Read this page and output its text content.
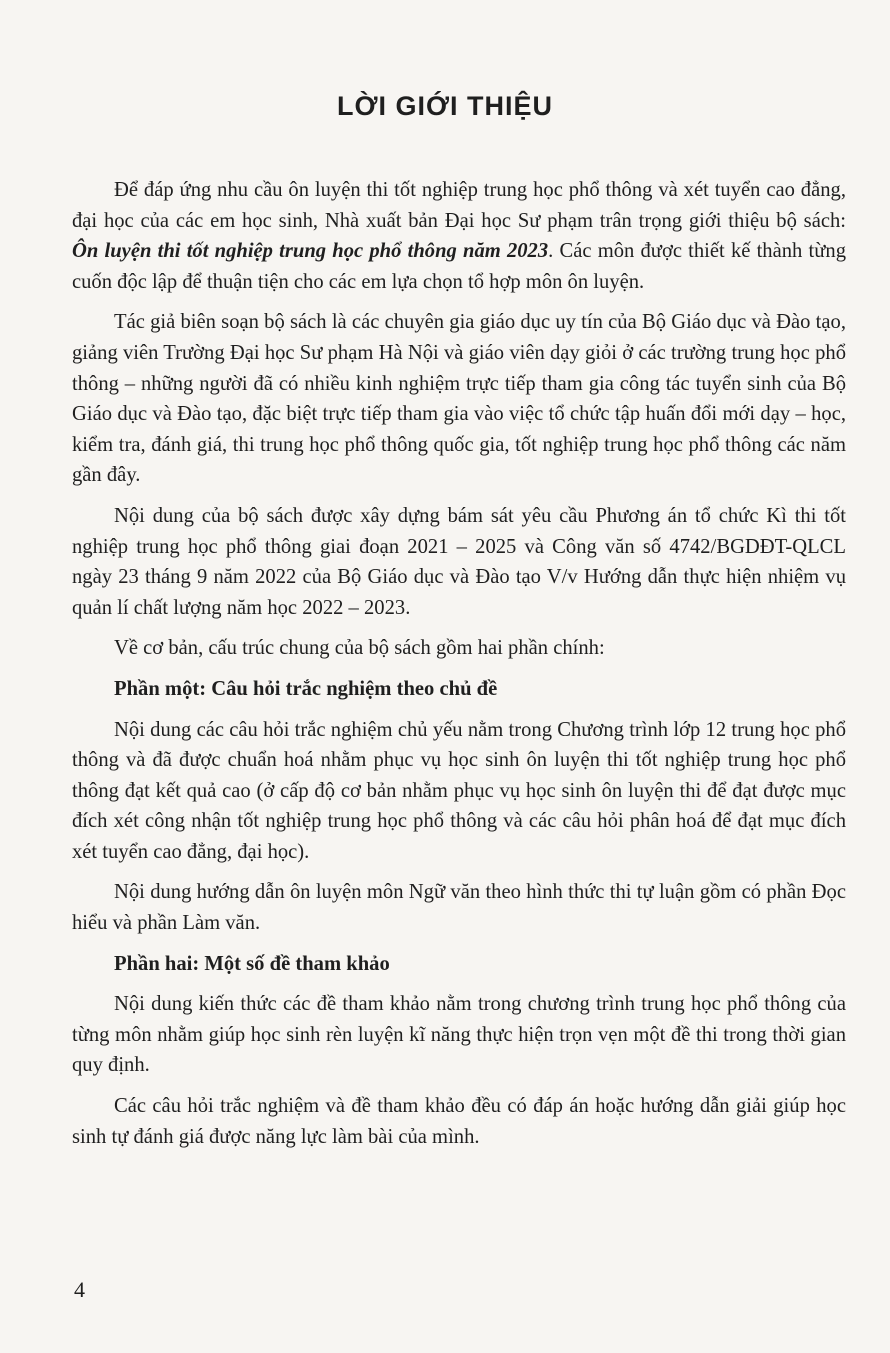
LỜI GIỚI THIỆU

Để đáp ứng nhu cầu ôn luyện thi tốt nghiệp trung học phổ thông và xét tuyển cao đẳng, đại học của các em học sinh, Nhà xuất bản Đại học Sư phạm trân trọng giới thiệu bộ sách: Ôn luyện thi tốt nghiệp trung học phổ thông năm 2023. Các môn được thiết kế thành từng cuốn độc lập để thuận tiện cho các em lựa chọn tổ hợp môn ôn luyện.

Tác giả biên soạn bộ sách là các chuyên gia giáo dục uy tín của Bộ Giáo dục và Đào tạo, giảng viên Trường Đại học Sư phạm Hà Nội và giáo viên dạy giỏi ở các trường trung học phổ thông – những người đã có nhiều kinh nghiệm trực tiếp tham gia công tác tuyển sinh của Bộ Giáo dục và Đào tạo, đặc biệt trực tiếp tham gia vào việc tổ chức tập huấn đổi mới dạy – học, kiểm tra, đánh giá, thi trung học phổ thông quốc gia, tốt nghiệp trung học phổ thông các năm gần đây.

Nội dung của bộ sách được xây dựng bám sát yêu cầu Phương án tổ chức Kì thi tốt nghiệp trung học phổ thông giai đoạn 2021 – 2025 và Công văn số 4742/BGDĐT-QLCL ngày 23 tháng 9 năm 2022 của Bộ Giáo dục và Đào tạo V/v Hướng dẫn thực hiện nhiệm vụ quản lí chất lượng năm học 2022 – 2023.

Về cơ bản, cấu trúc chung của bộ sách gồm hai phần chính:

Phần một: Câu hỏi trắc nghiệm theo chủ đề

Nội dung các câu hỏi trắc nghiệm chủ yếu nằm trong Chương trình lớp 12 trung học phổ thông và đã được chuẩn hoá nhằm phục vụ học sinh ôn luyện thi tốt nghiệp trung học phổ thông đạt kết quả cao (ở cấp độ cơ bản nhằm phục vụ học sinh ôn luyện thi để đạt được mục đích xét công nhận tốt nghiệp trung học phổ thông và các câu hỏi phân hoá để đạt mục đích xét tuyển cao đẳng, đại học).

Nội dung hướng dẫn ôn luyện môn Ngữ văn theo hình thức thi tự luận gồm có phần Đọc hiểu và phần Làm văn.

Phần hai: Một số đề tham khảo

Nội dung kiến thức các đề tham khảo nằm trong chương trình trung học phổ thông của từng môn nhằm giúp học sinh rèn luyện kĩ năng thực hiện trọn vẹn một đề thi trong thời gian quy định.

Các câu hỏi trắc nghiệm và đề tham khảo đều có đáp án hoặc hướng dẫn giải giúp học sinh tự đánh giá được năng lực làm bài của mình.

4
